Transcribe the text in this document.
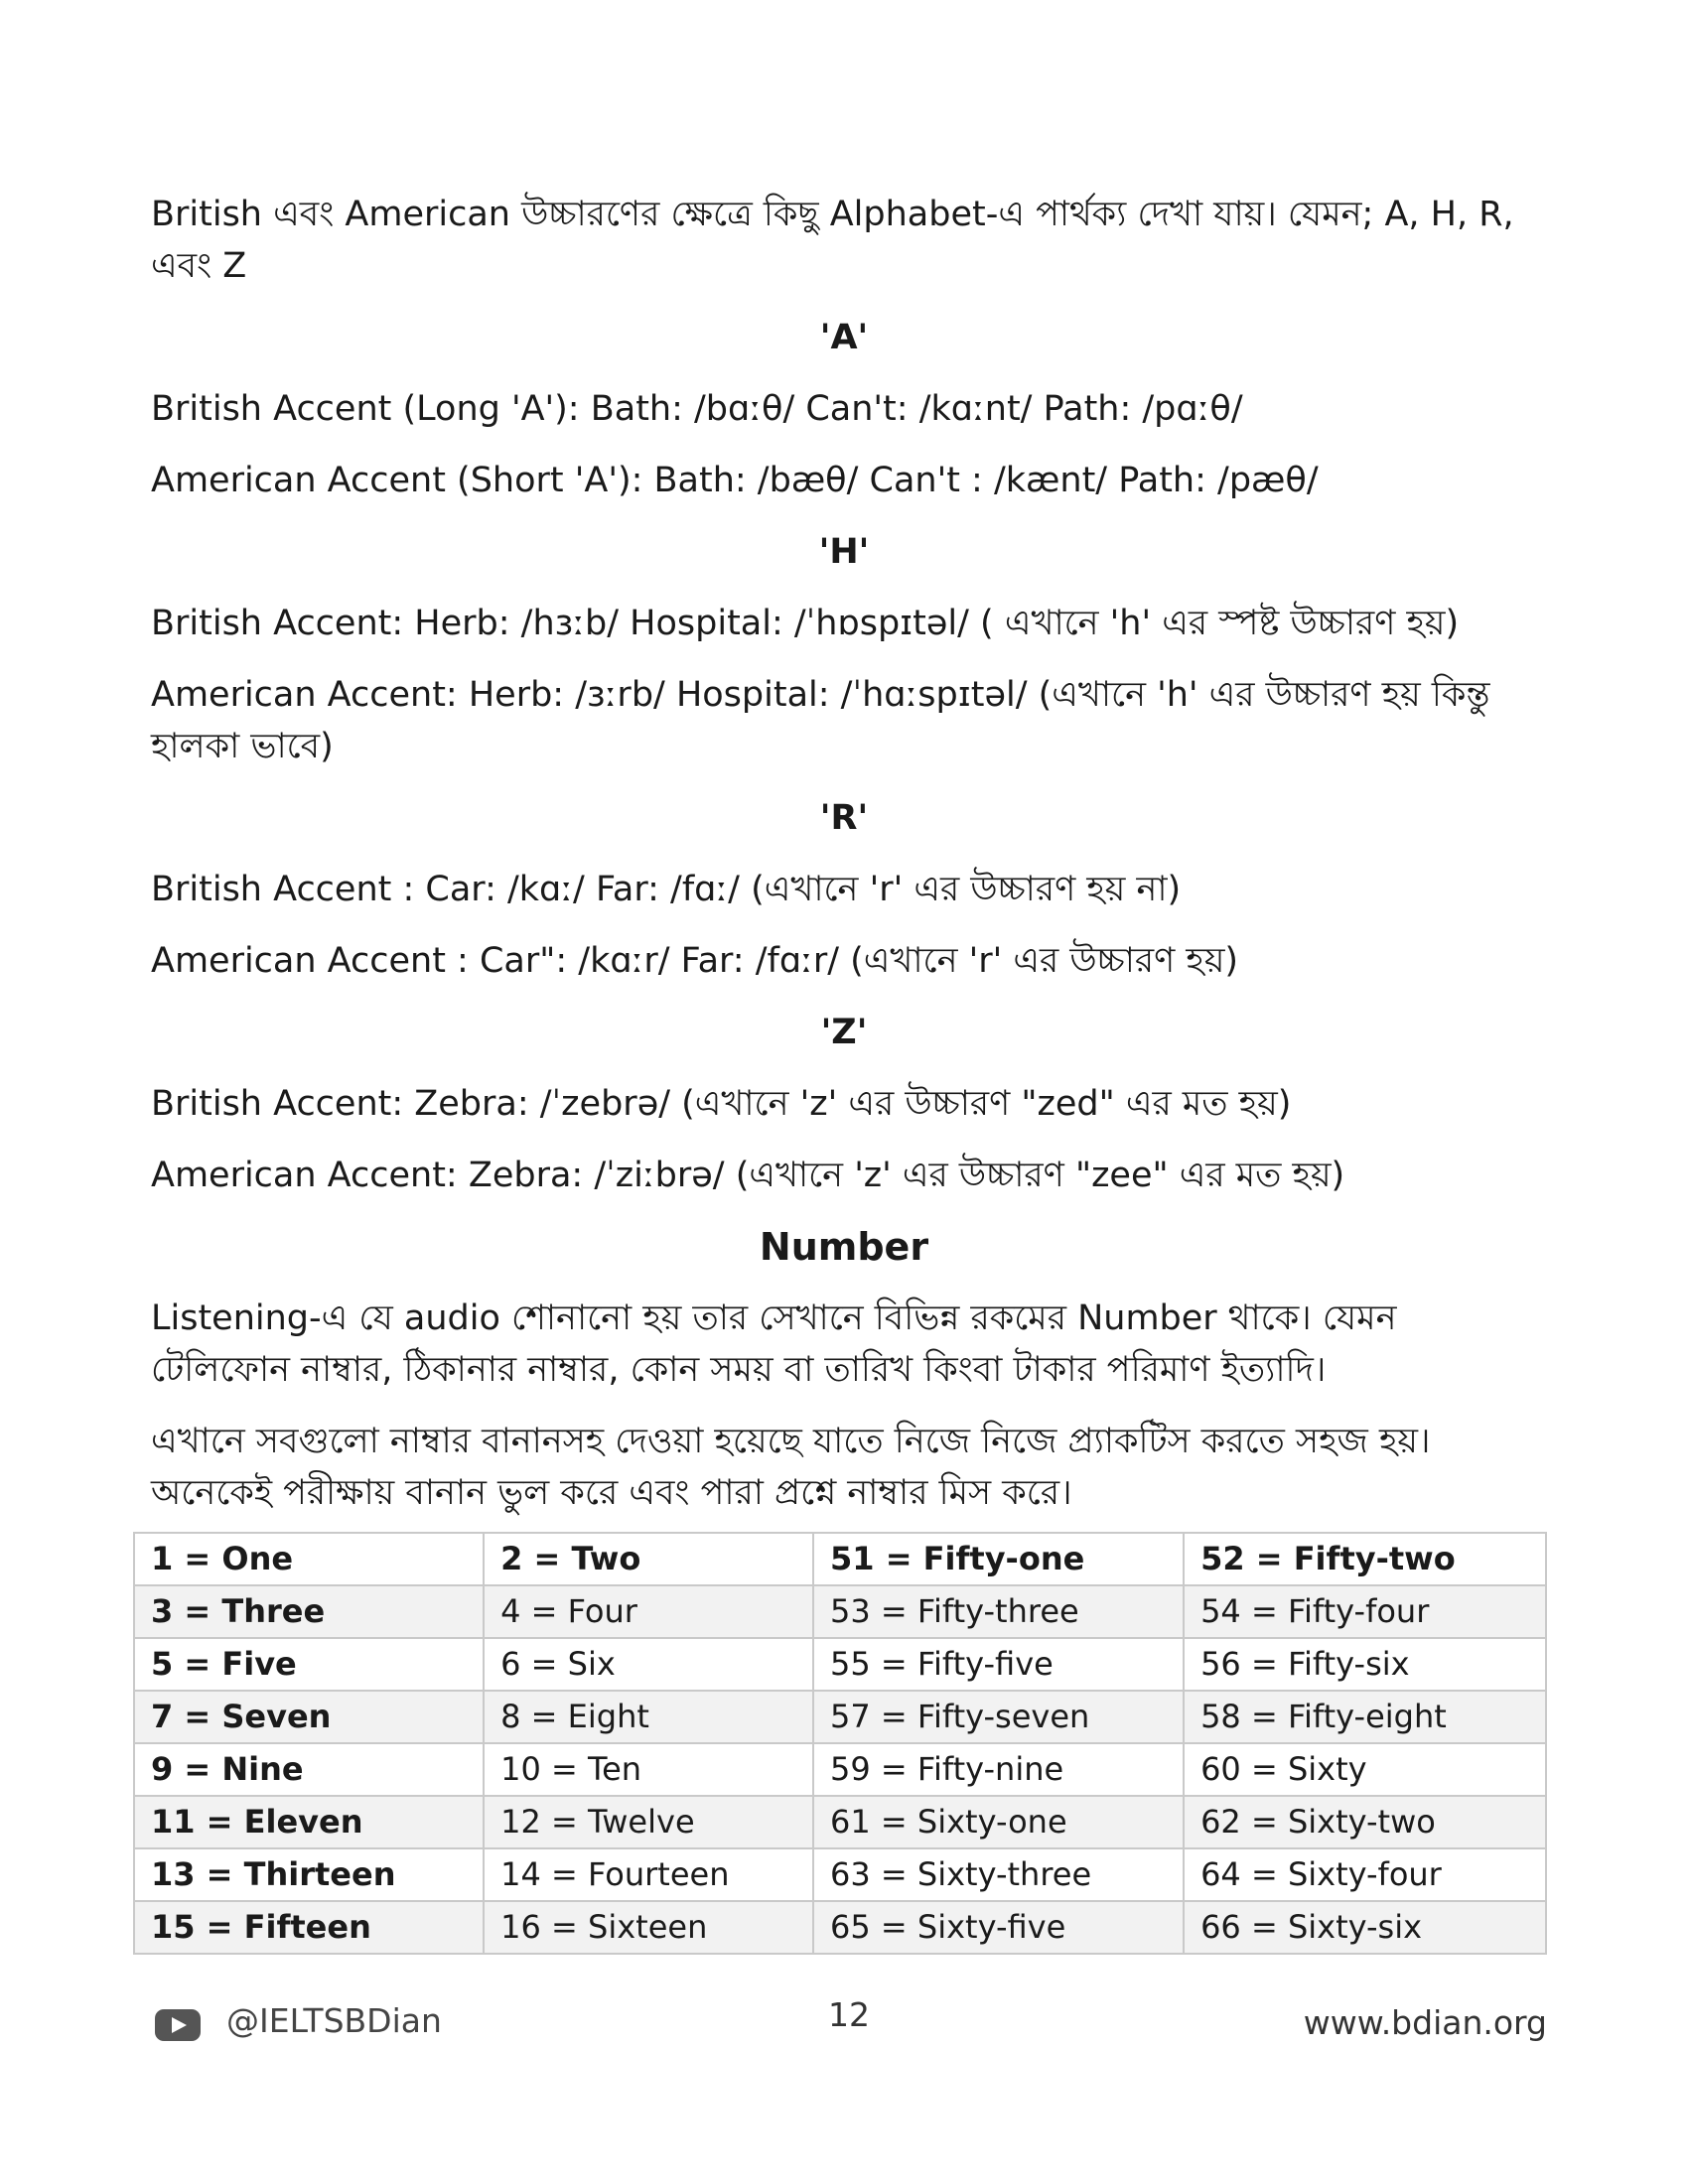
British এবং American উচ্চারণের ক্ষেত্রে কিছু Alphabet-এ পার্থক্য দেখা যায়। যেমন; A, H, R, এবং Z

'A'

British Accent (Long 'A'): Bath: /bɑːθ/ Can't: /kɑːnt/ Path: /pɑːθ/

American Accent (Short 'A'): Bath: /bæθ/ Can't : /kænt/ Path: /pæθ/

'H'

British Accent: Herb: /hɜːb/ Hospital: /ˈhɒspɪtəl/ ( এখানে 'h' এর স্পষ্ট উচ্চারণ হয়)

American Accent: Herb: /ɜːrb/ Hospital: /ˈhɑːspɪtəl/ (এখানে 'h' এর উচ্চারণ হয় কিন্তু হালকা ভাবে)

'R'

British Accent : Car: /kɑː/ Far: /fɑː/ (এখানে 'r' এর উচ্চারণ হয় না)

American Accent : Car": /kɑːr/ Far: /fɑːr/ (এখানে 'r' এর উচ্চারণ হয়)

'Z'

British Accent: Zebra: /ˈzebrə/ (এখানে 'z' এর উচ্চারণ "zed" এর মত হয়)

American Accent: Zebra: /ˈziːbrə/ (এখানে 'z' এর উচ্চারণ "zee" এর মত হয়)

Number

Listening-এ যে audio শোনানো হয় তার সেখানে বিভিন্ন রকমের Number থাকে। যেমন টেলিফোন নাম্বার, ঠিকানার নাম্বার, কোন সময় বা তারিখ কিংবা টাকার পরিমাণ ইত্যাদি।

এখানে সবগুলো নাম্বার বানানসহ দেওয়া হয়েছে যাতে নিজে নিজে প্র্যাকটিস করতে সহজ হয়। অনেকেই পরীক্ষায় বানান ভুল করে এবং পারা প্রশ্নে নাম্বার মিস করে।

1 = One	2 = Two	51 = Fifty-one	52 = Fifty-two
3 = Three	4 = Four	53 = Fifty-three	54 = Fifty-four
5 = Five	6 = Six	55 = Fifty-five	56 = Fifty-six
7 = Seven	8 = Eight	57 = Fifty-seven	58 = Fifty-eight
9 = Nine	10 = Ten	59 = Fifty-nine	60 = Sixty
11 = Eleven	12 = Twelve	61 = Sixty-one	62 = Sixty-two
13 = Thirteen	14 = Fourteen	63 = Sixty-three	64 = Sixty-four
15 = Fifteen	16 = Sixteen	65 = Sixty-five	66 = Sixty-six
@IELTSBDian	12	www.bdian.org
